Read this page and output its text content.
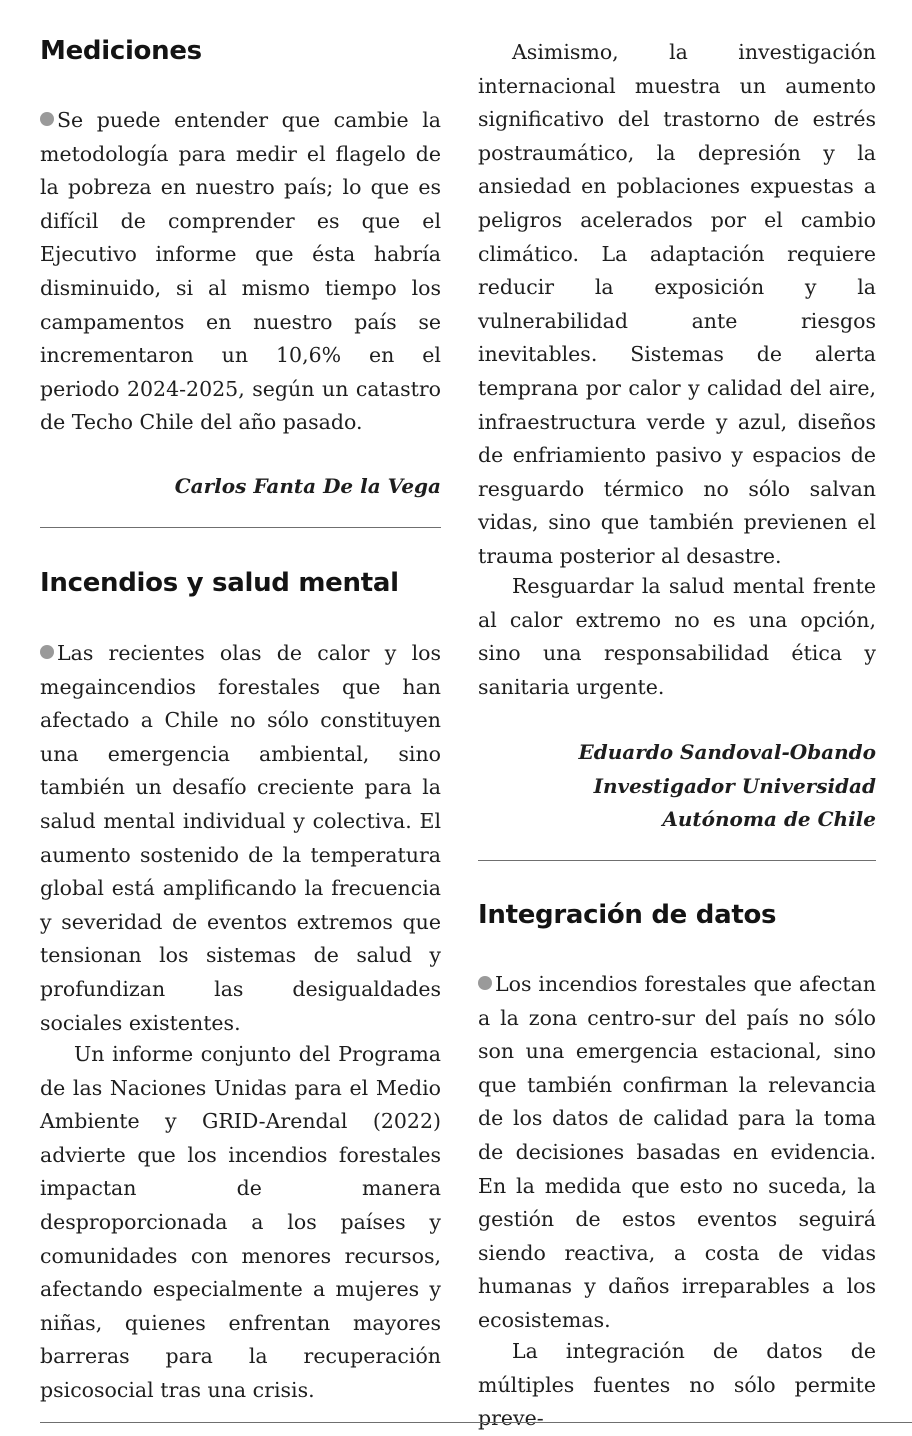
Mediciones

Se puede entender que cambie la metodología para medir el flagelo de la pobreza en nuestro país; lo que es difícil de comprender es que el Ejecutivo informe que ésta habría disminuido, si al mismo tiempo los campamentos en nuestro país se incrementaron un 10,6% en el periodo 2024-2025, según un catastro de Techo Chile del año pasado.

Carlos Fanta De la Vega

Incendios y salud mental

Las recientes olas de calor y los megaincendios forestales que han afectado a Chile no sólo constituyen una emergencia ambiental, sino también un desafío creciente para la salud mental individual y colectiva. El aumento sostenido de la temperatura global está amplificando la frecuencia y severidad de eventos extremos que tensionan los sistemas de salud y profundizan las desigualdades sociales existentes.

Un informe conjunto del Programa de las Naciones Unidas para el Medio Ambiente y GRID-Arendal (2022) advierte que los incendios forestales impactan de manera desproporcionada a los países y comunidades con menores recursos, afectando especialmente a mujeres y niñas, quienes enfrentan mayores barreras para la recuperación psicosocial tras una crisis.

Asimismo, la investigación internacional muestra un aumento significativo del trastorno de estrés postraumático, la depresión y la ansiedad en poblaciones expuestas a peligros acelerados por el cambio climático. La adaptación requiere reducir la exposición y la vulnerabilidad ante riesgos inevitables. Sistemas de alerta temprana por calor y calidad del aire, infraestructura verde y azul, diseños de enfriamiento pasivo y espacios de resguardo térmico no sólo salvan vidas, sino que también previenen el trauma posterior al desastre.

Resguardar la salud mental frente al calor extremo no es una opción, sino una responsabilidad ética y sanitaria urgente.

Eduardo Sandoval-Obando
Investigador Universidad
Autónoma de Chile

Integración de datos

Los incendios forestales que afectan a la zona centro-sur del país no sólo son una emergencia estacional, sino que también confirman la relevancia de los datos de calidad para la toma de decisiones basadas en evidencia. En la medida que esto no suceda, la gestión de estos eventos seguirá siendo reactiva, a costa de vidas humanas y daños irreparables a los ecosistemas.

La integración de datos de múltiples fuentes no sólo permite preve-
